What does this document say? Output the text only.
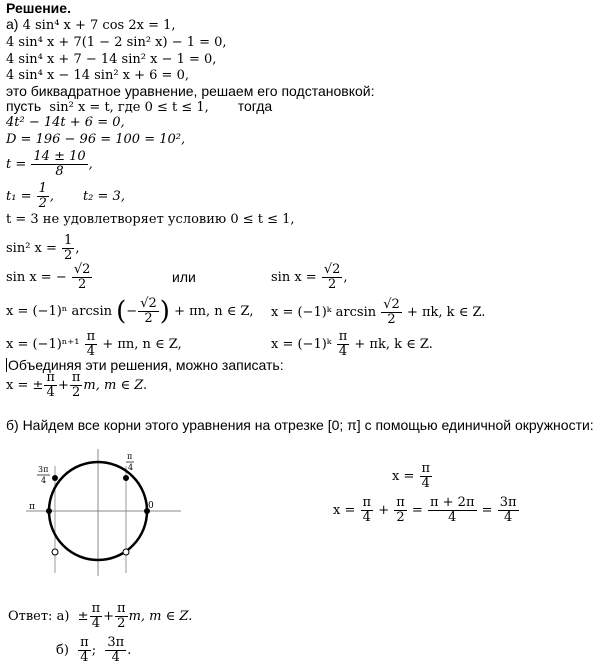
Решение.
а) 4 sin⁴ x + 7 cos 2x = 1,
4 sin⁴ x + 7(1 − 2 sin² x) − 1 = 0,
4 sin⁴ x + 7 − 14 sin² x − 1 = 0,
4 sin⁴ x − 14 sin² x + 6 = 0,
это биквадратное уравнение, решаем его подстановкой:
пусть sin² x = t, где 0 ≤ t ≤ 1, тогда
4t² − 14t + 6 = 0,
D = 196 − 96 = 100 = 10²,
$t = \frac{14 \pm 10}{8}$ ,
$t_1 = \frac{1}{2}$ ,       t₂ = 3,
t = 3 не удовлетворяет условию 0 ≤ t ≤ 1,
sin² $x = \frac{1}{2}$ ,
sin x = − $\frac{√2}{2}$	или	$\sin x = \frac{√2}{2}$ ,
x = (−1)ⁿ arcsin (− $\frac{√2}{2}$ ) + πn, n ∈ Z, x = (−1)ᵏ $\arcsin \frac{√2}{2} + \pi k$, k ∈ Z.
$x = (-1)^{n+1} \frac{\pi}{4} + \pi n$, n ∈ Z,	x = (−1)ᵏ $\frac{\pi}{4} + \pi k$, k ∈ Z.
Объединяя эти решения, можно записать:
x = ± $\frac{\pi}{4} + \frac{\pi}{2} m$, m ∈ Z.
б) Найдем все корни этого уравнения на отрезке [0; π] с помощью единичной окружности:
π	0
π
4
3π
4	$x = \frac{\pi}{4}$
$x = \frac{\pi}{4} + \frac{\pi}{2} = \frac{\pi + 2\pi}{4} = \frac{3\pi}{4}$
Ответ: $а) \pm \frac{\pi}{4} + \frac{\pi}{2} m$, m ∈ Z.
$б) \frac{\pi}{4}$ ; $\frac{3\pi}{4}$ .
